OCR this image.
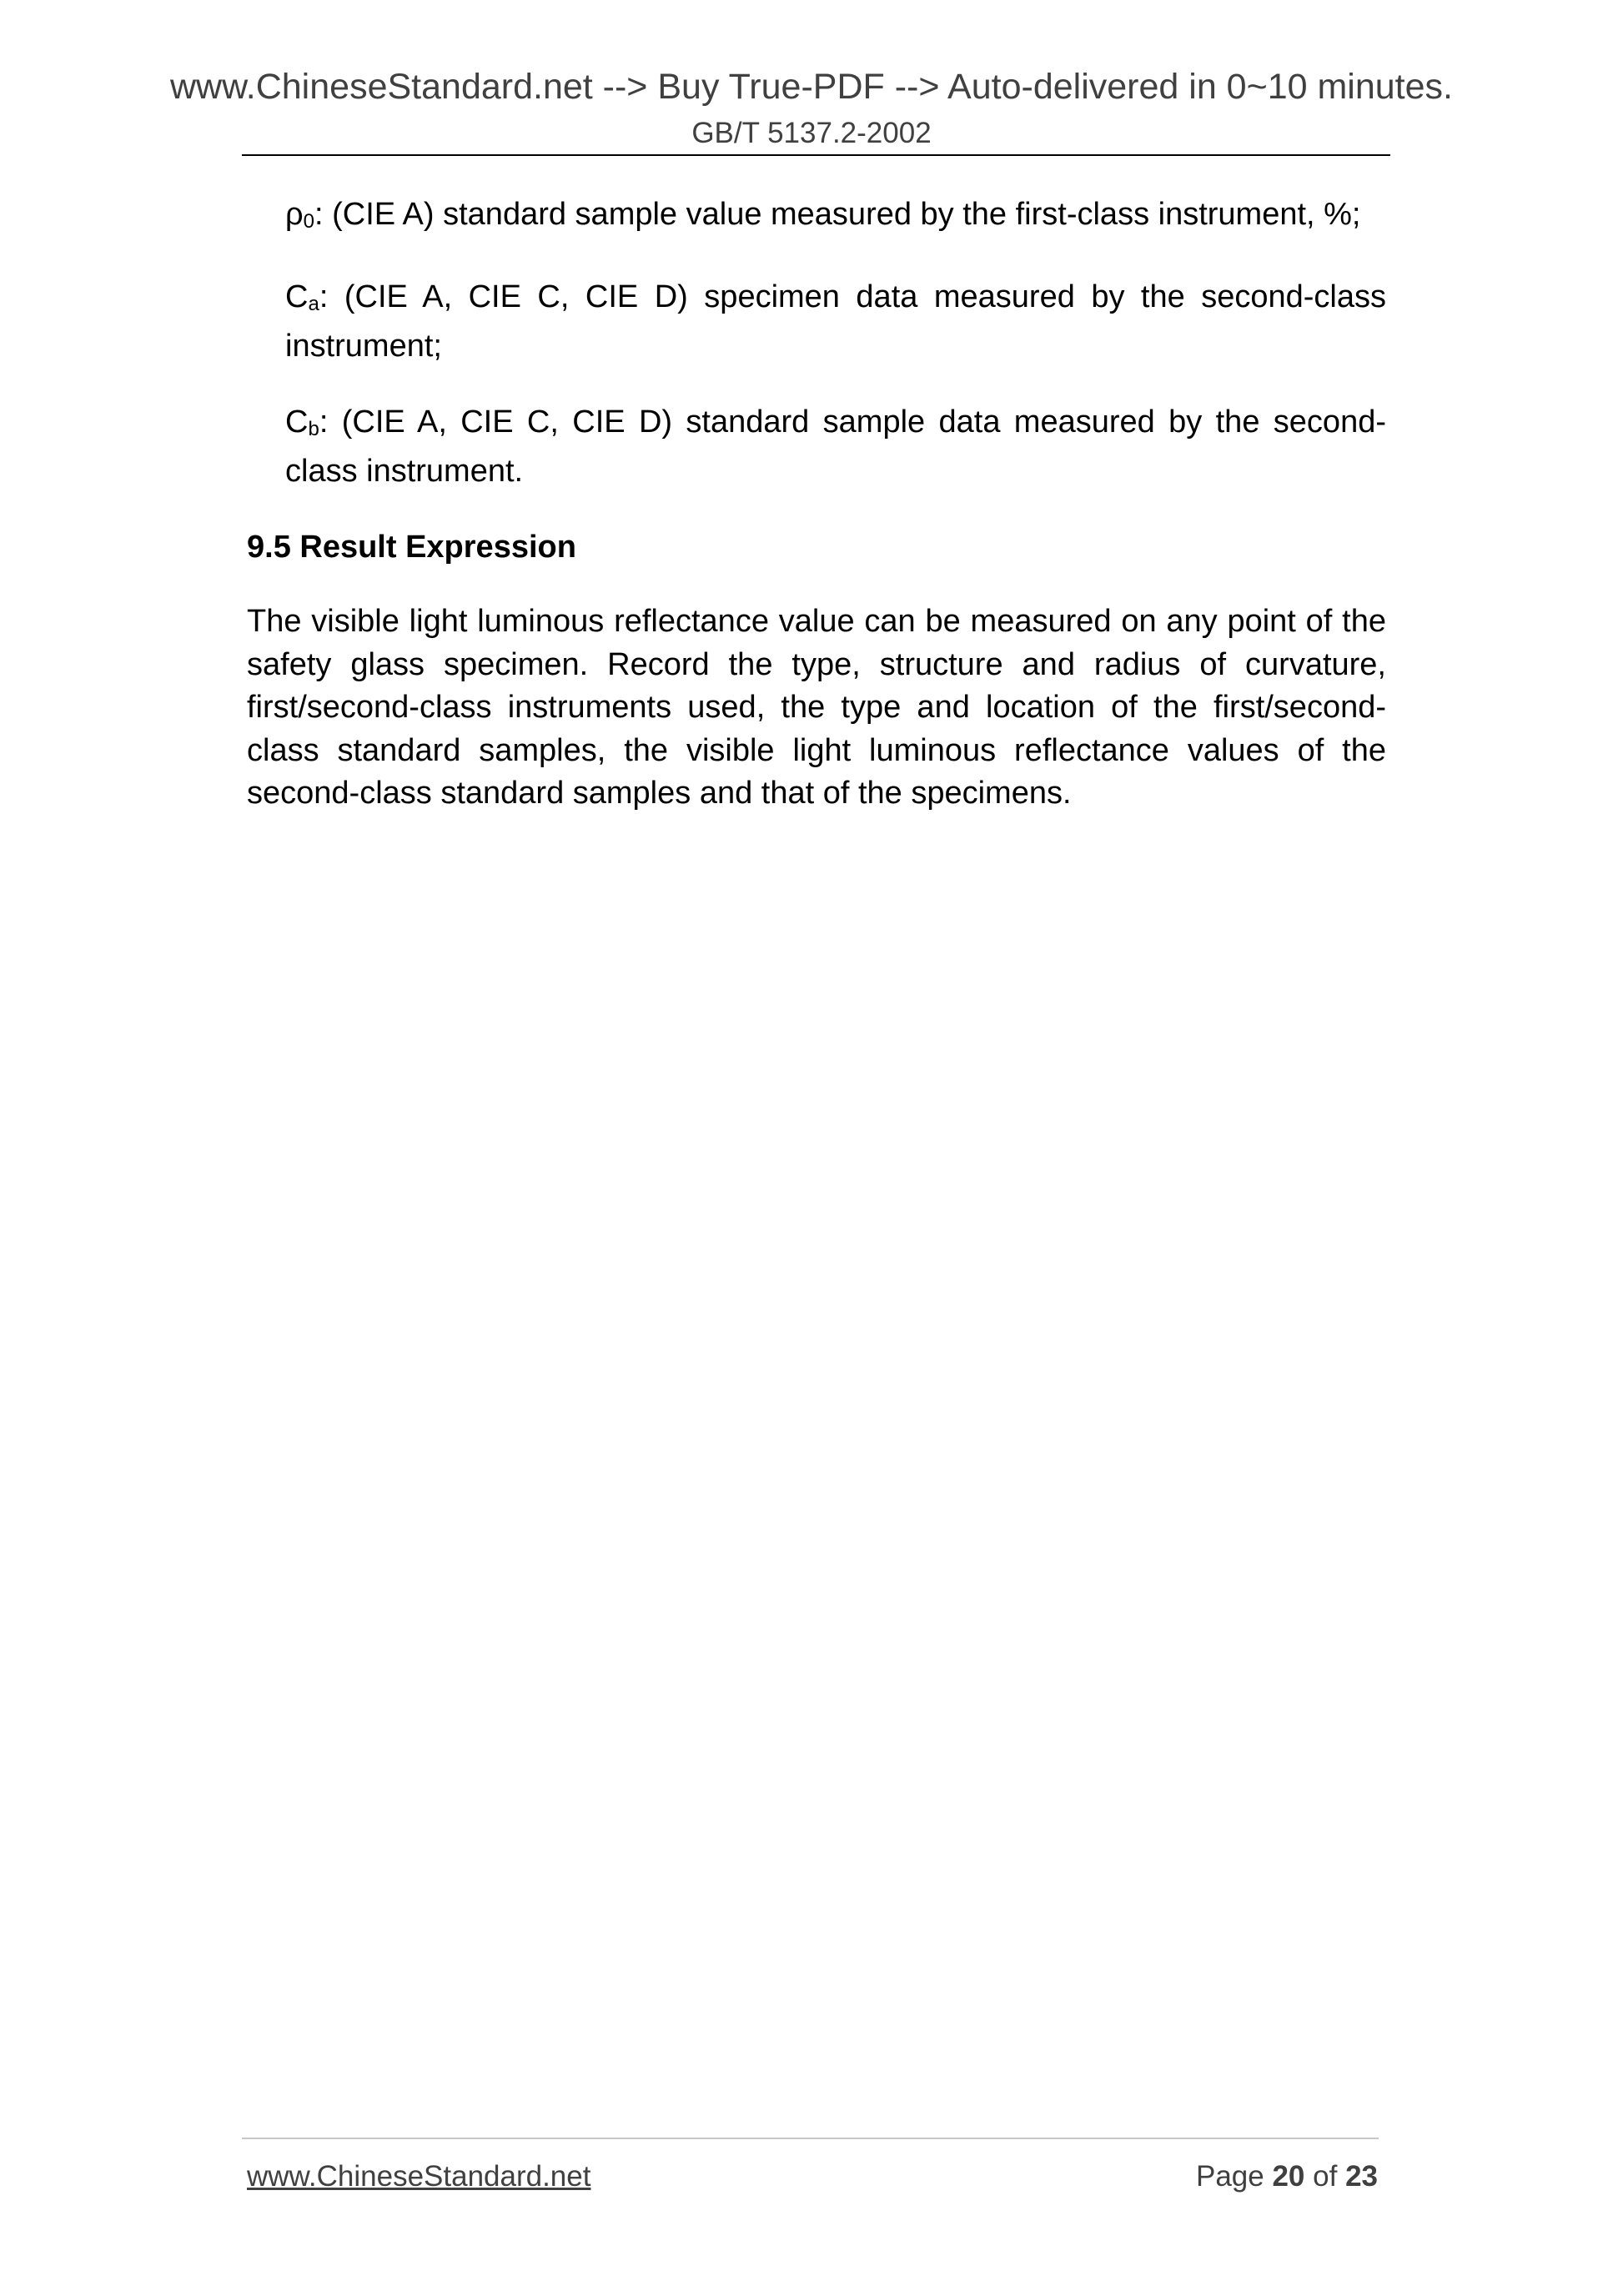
www.ChineseStandard.net --> Buy True-PDF --> Auto-delivered in 0~10 minutes.
GB/T 5137.2-2002
ρ0: (CIE A) standard sample value measured by the first-class instrument, %;
Ca: (CIE A, CIE C, CIE D) specimen data measured by the second-class instrument;
Cb: (CIE A, CIE C, CIE D) standard sample data measured by the second-class instrument.
9.5 Result Expression
The visible light luminous reflectance value can be measured on any point of the safety glass specimen. Record the type, structure and radius of curvature, first/second-class instruments used, the type and location of the first/second-class standard samples, the visible light luminous reflectance values of the second-class standard samples and that of the specimens.
www.ChineseStandard.net	Page 20 of 23
